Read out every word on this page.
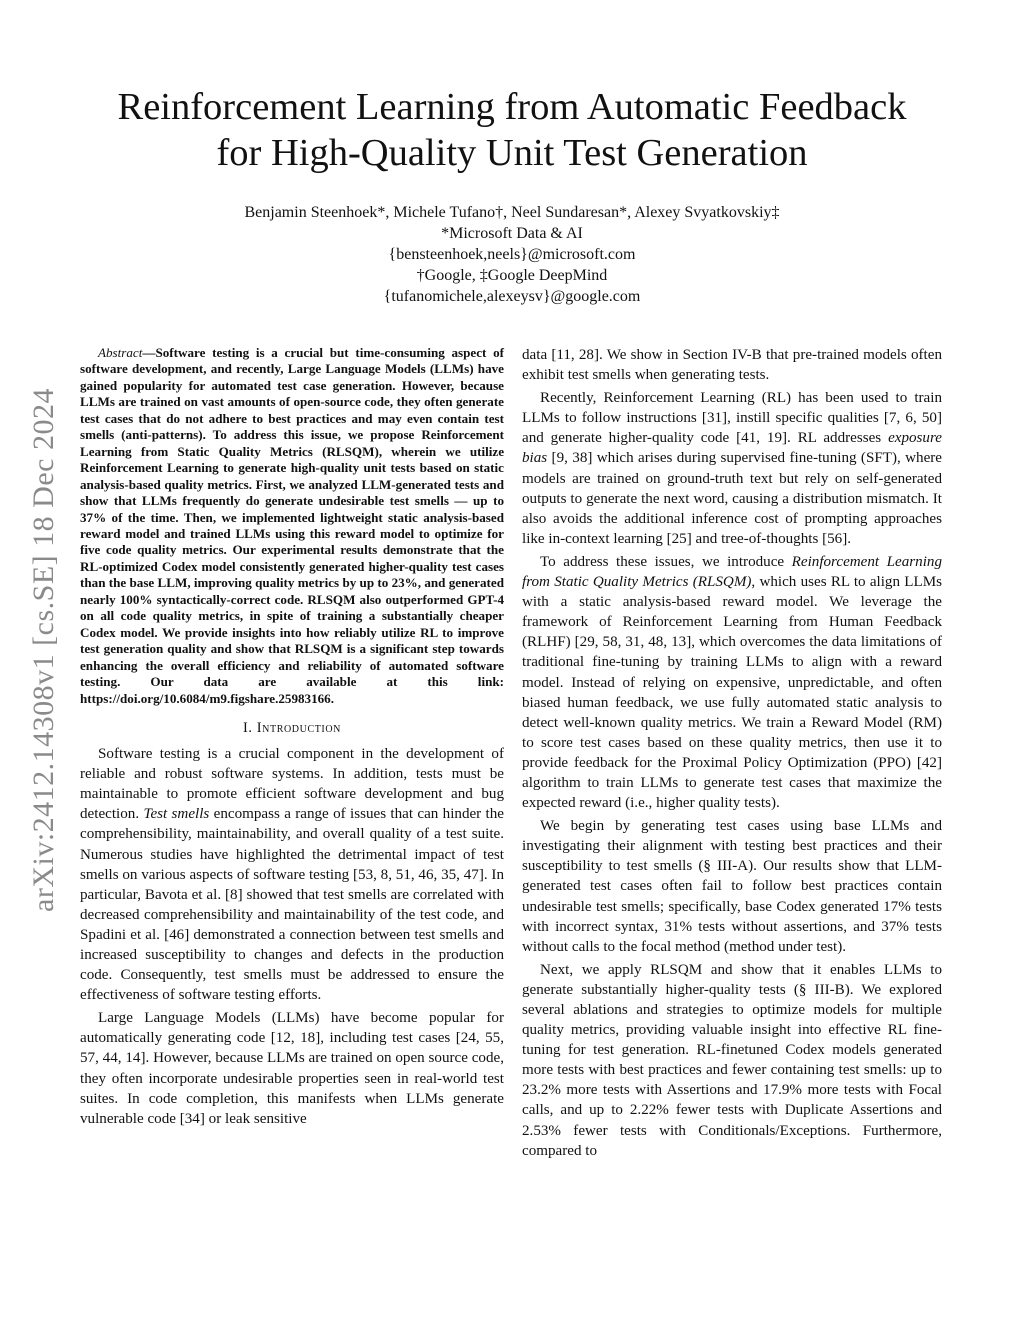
arXiv:2412.14308v1 [cs.SE] 18 Dec 2024
Reinforcement Learning from Automatic Feedback
for High-Quality Unit Test Generation
Benjamin Steenhoek*, Michele Tufano†, Neel Sundaresan*, Alexey Svyatkovskiy‡
*Microsoft Data & AI
{bensteenhoek,neels}@microsoft.com
†Google, ‡Google DeepMind
{tufanomichele,alexeysv}@google.com

Abstract—Software testing is a crucial but time-consuming aspect of software development, and recently, Large Language Models (LLMs) have gained popularity for automated test case generation. However, because LLMs are trained on vast amounts of open-source code, they often generate test cases that do not adhere to best practices and may even contain test smells (anti-patterns). To address this issue, we propose Reinforcement Learning from Static Quality Metrics (RLSQM), wherein we utilize Reinforcement Learning to generate high-quality unit tests based on static analysis-based quality metrics. First, we analyzed LLM-generated tests and show that LLMs frequently do generate undesirable test smells — up to 37% of the time. Then, we implemented lightweight static analysis-based reward model and trained LLMs using this reward model to optimize for five code quality metrics. Our experimental results demonstrate that the RL-optimized Codex model consistently generated higher-quality test cases than the base LLM, improving quality metrics by up to 23%, and generated nearly 100% syntactically-correct code. RLSQM also outperformed GPT-4 on all code quality metrics, in spite of training a substantially cheaper Codex model. We provide insights into how reliably utilize RL to improve test generation quality and show that RLSQM is a significant step towards enhancing the overall efficiency and reliability of automated software testing. Our data are available at this link: https://doi.org/10.6084/m9.figshare.25983166.

I. Introduction

Software testing is a crucial component in the development of reliable and robust software systems. In addition, tests must be maintainable to promote efficient software development and bug detection. Test smells encompass a range of issues that can hinder the comprehensibility, maintainability, and overall quality of a test suite. Numerous studies have highlighted the detrimental impact of test smells on various aspects of software testing [53, 8, 51, 46, 35, 47]. In particular, Bavota et al. [8] showed that test smells are correlated with decreased comprehensibility and maintainability of the test code, and Spadini et al. [46] demonstrated a connection between test smells and increased susceptibility to changes and defects in the production code. Consequently, test smells must be addressed to ensure the effectiveness of software testing efforts.

Large Language Models (LLMs) have become popular for automatically generating code [12, 18], including test cases [24, 55, 57, 44, 14]. However, because LLMs are trained on open source code, they often incorporate undesirable properties seen in real-world test suites. In code completion, this manifests when LLMs generate vulnerable code [34] or leak sensitive

data [11, 28]. We show in Section IV-B that pre-trained models often exhibit test smells when generating tests.

Recently, Reinforcement Learning (RL) has been used to train LLMs to follow instructions [31], instill specific qualities [7, 6, 50] and generate higher-quality code [41, 19]. RL addresses exposure bias [9, 38] which arises during supervised fine-tuning (SFT), where models are trained on ground-truth text but rely on self-generated outputs to generate the next word, causing a distribution mismatch. It also avoids the additional inference cost of prompting approaches like in-context learning [25] and tree-of-thoughts [56].

To address these issues, we introduce Reinforcement Learning from Static Quality Metrics (RLSQM), which uses RL to align LLMs with a static analysis-based reward model. We leverage the framework of Reinforcement Learning from Human Feedback (RLHF) [29, 58, 31, 48, 13], which overcomes the data limitations of traditional fine-tuning by training LLMs to align with a reward model. Instead of relying on expensive, unpredictable, and often biased human feedback, we use fully automated static analysis to detect well-known quality metrics. We train a Reward Model (RM) to score test cases based on these quality metrics, then use it to provide feedback for the Proximal Policy Optimization (PPO) [42] algorithm to train LLMs to generate test cases that maximize the expected reward (i.e., higher quality tests).

We begin by generating test cases using base LLMs and investigating their alignment with testing best practices and their susceptibility to test smells (§ III-A). Our results show that LLM-generated test cases often fail to follow best practices contain undesirable test smells; specifically, base Codex generated 17% tests with incorrect syntax, 31% tests without assertions, and 37% tests without calls to the focal method (method under test).

Next, we apply RLSQM and show that it enables LLMs to generate substantially higher-quality tests (§ III-B). We explored several ablations and strategies to optimize models for multiple quality metrics, providing valuable insight into effective RL fine-tuning for test generation. RL-finetuned Codex models generated more tests with best practices and fewer containing test smells: up to 23.2% more tests with Assertions and 17.9% more tests with Focal calls, and up to 2.22% fewer tests with Duplicate Assertions and 2.53% fewer tests with Conditionals/Exceptions. Furthermore, compared to
